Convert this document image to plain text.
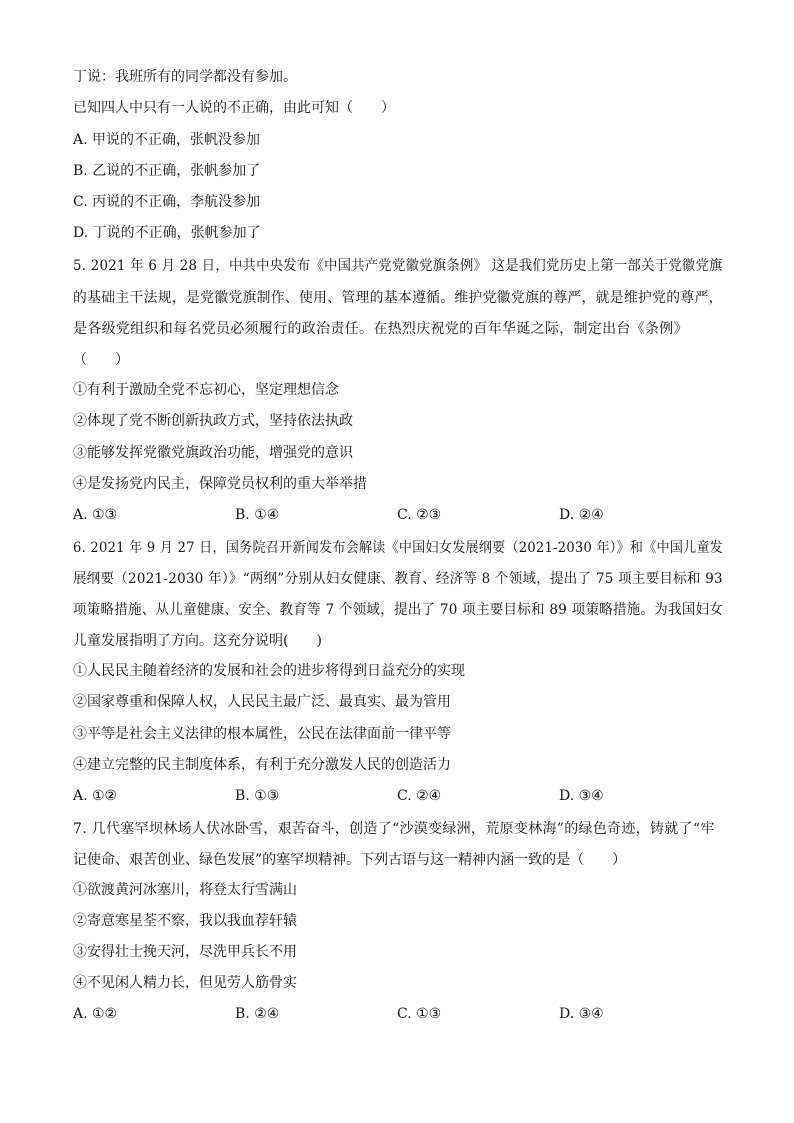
丁说：我班所有的同学都没有参加。
已知四人中只有一人说的不正确，由此可知（　　）
A. 甲说的不正确，张帆没参加
B. 乙说的不正确，张帆参加了
C. 丙说的不正确，李航没参加
D. 丁说的不正确，张帆参加了
5. 2021 年 6 月 28 日，中共中央发布《中国共产党党徽党旗条例》 这是我们党历史上第一部关于党徽党旗
的基础主干法规，是党徽党旗制作、使用、管理的基本遵循。维护党徽党旗的尊严，就是维护党的尊严，
是各级党组织和每名党员必须履行的政治责任。在热烈庆祝党的百年华诞之际，制定出台《条例》
（　　）
①有利于激励全党不忘初心，坚定理想信念
②体现了党不断创新执政方式，坚持依法执政
③能够发挥党徽党旗政治功能，增强党的意识
④是发扬党内民主，保障党员权利的重大举举措
A. ①③	B. ①④	C. ②③	D. ②④
6. 2021 年 9 月 27 日，国务院召开新闻发布会解读《中国妇女发展纲要（2021-2030 年）》和《中国儿童发
展纲要（2021-2030 年）》“两纲”分别从妇女健康、教育、经济等 8 个领域，提出了 75 项主要目标和 93
项策略措施、从儿童健康、安全、教育等 7 个领域，提出了 70 项主要目标和 89 项策略措施。为我国妇女
儿童发展指明了方向。这充分说明(　　)
①人民民主随着经济的发展和社会的进步将得到日益充分的实现
②国家尊重和保障人权，人民民主最广泛、最真实、最为管用
③平等是社会主义法律的根本属性，公民在法律面前一律平等
④建立完整的民主制度体系，有利于充分激发人民的创造活力
A. ①②	B. ①③	C. ②④	D. ③④
7. 几代塞罕坝林场人伏冰卧雪，艰苦奋斗，创造了“沙漠变绿洲，荒原变林海”的绿色奇迹，铸就了“牢
记使命、艰苦创业、绿色发展”的塞罕坝精神。下列古语与这一精神内涵一致的是（　　）
①欲渡黄河冰塞川，将登太行雪满山
②寄意寒星荃不察，我以我血荐轩辕
③安得壮士挽天河，尽洗甲兵长不用
④不见闲人精力长，但见劳人筋骨实
A. ①②	B. ②④	C. ①③	D. ③④
